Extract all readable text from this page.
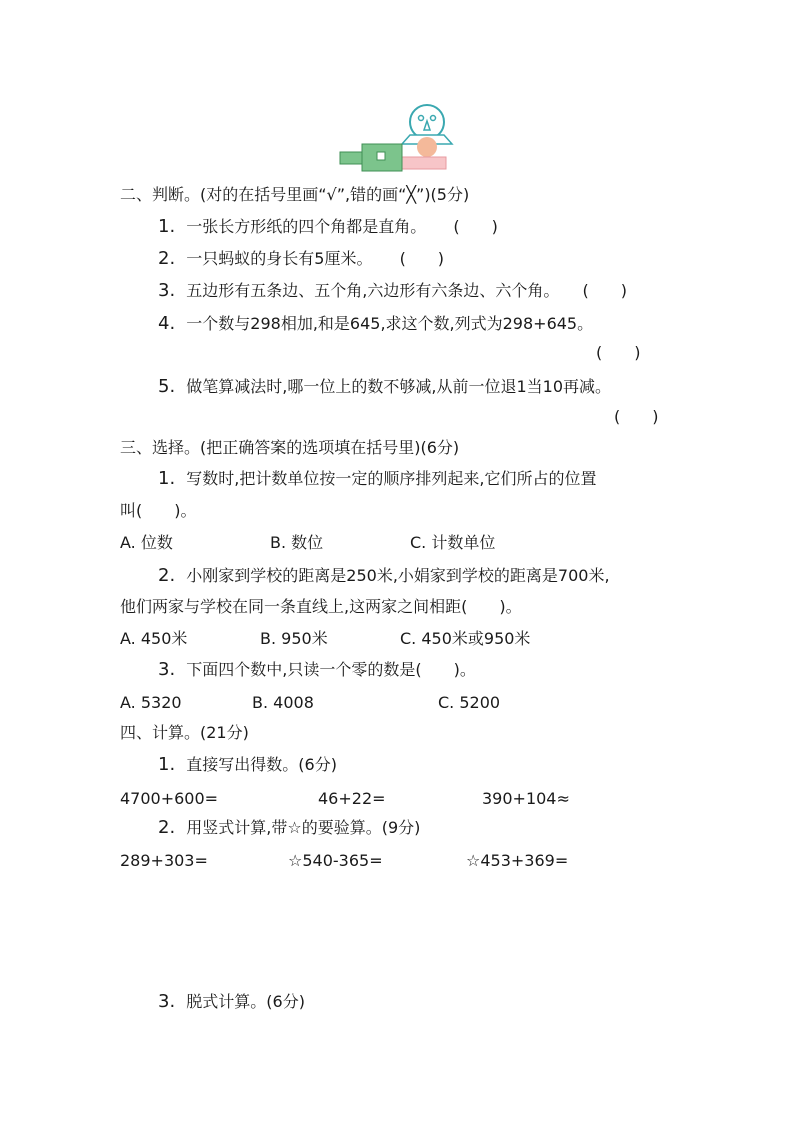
二、判断。(对的在括号里画“√”,错的画“╳”)(5分)
1. 一张长方形纸的四个角都是直角。 (　　)
2. 一只蚂蚁的身长有5厘米。 (　　)
3. 五边形有五条边、五个角,六边形有六条边、六个角。 (　　)
4. 一个数与298相加,和是645,求这个数,列式为298+645。
(　　)
5. 做笔算减法时,哪一位上的数不够减,从前一位退1当10再减。
(　　)
三、选择。(把正确答案的选项填在括号里)(6分)
1. 写数时,把计数单位按一定的顺序排列起来,它们所占的位置
叫(　　)。
A. 位数	B. 数位	C. 计数单位
2. 小刚家到学校的距离是250米,小娟家到学校的距离是700米,
他们两家与学校在同一条直线上,这两家之间相距(　　)。
A. 450米	B. 950米	C. 450米或950米
3. 下面四个数中,只读一个零的数是(　　)。
A. 5320	B. 4008	C. 5200
四、计算。(21分)
1. 直接写出得数。(6分)
4700+600=	46+22=	390+104≈
2. 用竖式计算,带☆的要验算。(9分)
289+303=	☆540-365=	☆453+369=
3. 脱式计算。(6分)
